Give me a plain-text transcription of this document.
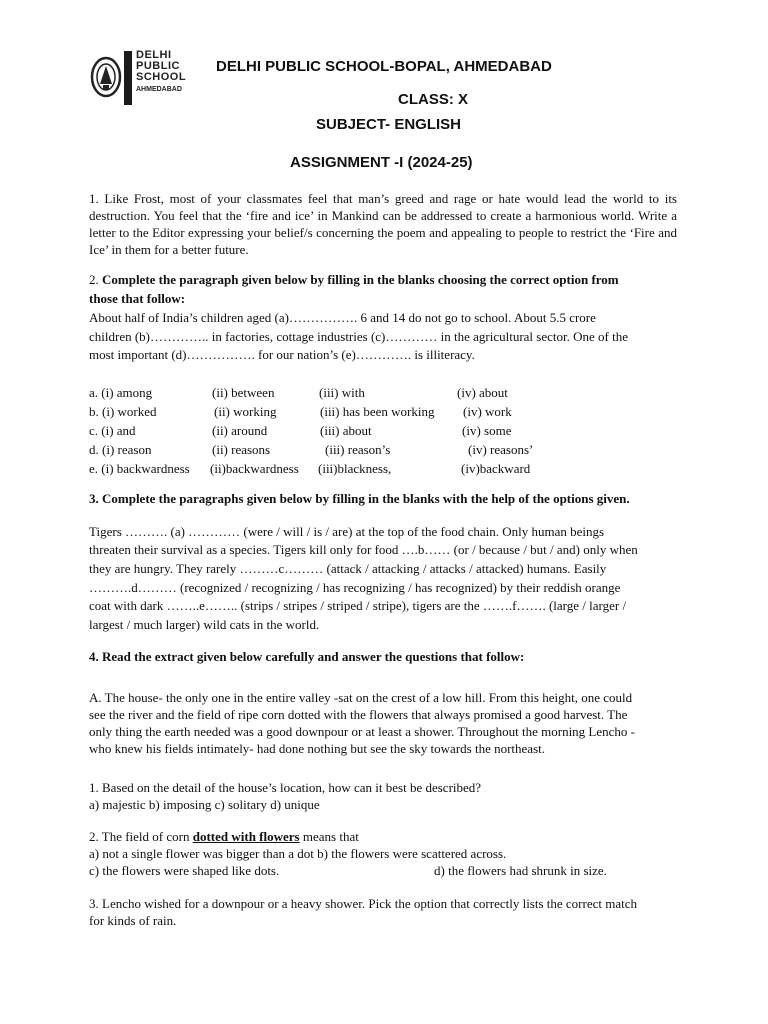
DELHI
PUBLIC
SCHOOL
AHMEDABAD
DELHI PUBLIC SCHOOL-BOPAL, AHMEDABAD
CLASS: X
SUBJECT- ENGLISH
ASSIGNMENT -I (2024-25)
1. Like Frost, most of your classmates feel that man’s greed and rage or hate would lead the world to its destruction. You feel that the ‘fire and ice’ in Mankind can be addressed to create a harmonious world. Write a letter to the Editor expressing your belief/s concerning the poem and appealing to people to restrict the ‘Fire and Ice’ in them for a better future.
2. Complete the paragraph given below by filling in the blanks choosing the correct option from
those that follow:
About half of India’s children aged (a)……………. 6 and 14 do not go to school. About 5.5 crore
children (b)………….. in factories, cottage industries (c)………… in the agricultural sector. One of the
most important (d)……………. for our nation’s (e)…………. is illiteracy.
a. (i) among	(ii) between	(iii) with	(iv) about
b. (i) worked	(ii) working	(iii) has been working (iv) work
c. (i) and	(ii) around	(iii) about	(iv) some
d. (i) reason	(ii) reasons	(iii) reason’s	(iv) reasons’
e. (i) backwardness (ii)backwardness (iii)blackness,	(iv)backward
3. Complete the paragraphs given below by filling in the blanks with the help of the options given.
Tigers ………. (a) ………… (were / will / is / are) at the top of the food chain. Only human beings
threaten their survival as a species. Tigers kill only for food ….b…… (or / because / but / and) only when
they are hungry. They rarely ………c……… (attack / attacking / attacks / attacked) humans. Easily
……….d……… (recognized / recognizing / has recognizing / has recognized) by their reddish orange
coat with dark ……..e…….. (strips / stripes / striped / stripe), tigers are the …….f……. (large / larger /
largest / much larger) wild cats in the world.
4. Read the extract given below carefully and answer the questions that follow:
A. The house- the only one in the entire valley -sat on the crest of a low hill. From this height, one could
see the river and the field of ripe corn dotted with the flowers that always promised a good harvest. The
only thing the earth needed was a good downpour or at least a shower. Throughout the morning Lencho -
who knew his fields intimately- had done nothing but see the sky towards the northeast.
1. Based on the detail of the house’s location, how can it best be described?
a) majestic b) imposing c) solitary d) unique
2. The field of corn dotted with flowers means that
a) not a single flower was bigger than a dot b) the flowers were scattered across.
c) the flowers were shaped like dots.	d) the flowers had shrunk in size.
3. Lencho wished for a downpour or a heavy shower. Pick the option that correctly lists the correct match
for kinds of rain.
